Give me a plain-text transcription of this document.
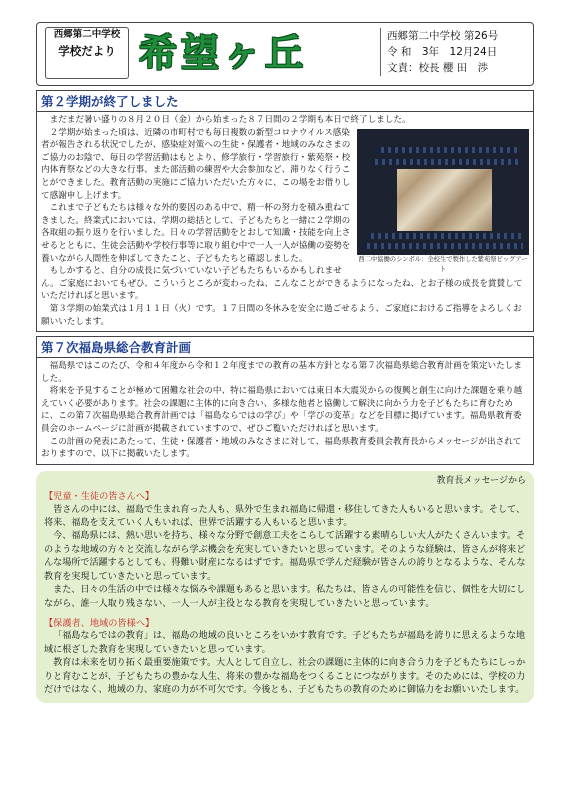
西郷第二中学校
学校だより 希望ヶ丘	西郷第二中学校 第26号
令 和　3年　12月24日
文責：校長 櫻 田　渉
第２学期が終了しました

まだまだ暑い盛りの８月２０日（金）から始まった８７日間の２学期も本日で終了しました。

西二中協働のシンボル：全校生で製作した紫苑祭ビッグアート

２学期が始まった頃は、近隣の市町村でも毎日複数の新型コロナウイルス感染者が報告される状況でしたが、感染症対策への生徒・保護者・地域のみなさまのご協力のお陰で、毎日の学習活動はもとより、修学旅行・学習旅行・紫苑祭・校内体育祭などの大きな行事、また部活動の練習や大会参加など、滞りなく行うことができました。教育活動の実施にご協力いただいた方々に、この場をお借りして感謝申し上げます。

これまで子どもたちは様々な外的要因のある中で、精一杯の努力を積み重ねてきました。終業式においては、学期の総括として、子どもたちと一緒に２学期の各取組の振り返りを行いました。日々の学習活動をとおして知識・技能を向上させるとともに、生徒会活動や学校行事等に取り組む中で一人一人が協働の姿勢を養いながら人間性を伸ばしてきたこと、子どもたちと確認しました。

もしかすると、自分の成長に気づいていない子どもたちもいるかもしれません。ご家庭においてもぜひ、こういうところが変わったね、こんなことができるようになったね、とお子様の成長を賞賛していただければと思います。

第３学期の始業式は１月１１日（火）です。１７日間の冬休みを安全に過ごせるよう、ご家庭におけるご指導をよろしくお願いいたします。

第７次福島県総合教育計画

福島県ではこのたび、令和４年度から令和１２年度までの教育の基本方針となる第７次福島県総合教育計画を策定いたしました。

将来を予見することが極めて困難な社会の中、特に福島県においては東日本大震災からの復興と創生に向けた課題を乗り越えていく必要があります。社会の課題に主体的に向き合い、多様な他者と協働して解決に向かう力を子どもたちに育むために、この第７次福島県総合教育計画では「福島ならではの学び」や「学びの変革」などを目標に掲げています。福島県教育委員会のホームページに計画が掲載されていますので、ぜひご覧いただければと思います。

この計画の発表にあたって、生徒・保護者・地域のみなさまに対して、福島県教育委員会教育長からメッセージが出されておりますので、以下に掲載いたします。

教育長メッセージから
【児童・生徒の皆さんへ】

皆さんの中には、福島で生まれ育った人も、県外で生まれ福島に帰還・移住してきた人もいると思います。そして、将来、福島を支えていく人もいれば、世界で活躍する人もいると思います。

今、福島県には、熱い思いを持ち、様々な分野で創意工夫をこらして活躍する素晴らしい大人がたくさんいます。そのような地域の方々と交流しながら学ぶ機会を充実していきたいと思っています。そのような経験は、皆さんが将来どんな場所で活躍するとしても、得難い財産になるはずです。福島県で学んだ経験が皆さんの誇りとなるような、そんな教育を実現していきたいと思っています。

また、日々の生活の中では様々な悩みや課題もあると思います。私たちは、皆さんの可能性を信じ、個性を大切にしながら、誰一人取り残さない、一人一人が主役となる教育を実現していきたいと思っています。

【保護者、地域の皆様へ】

「福島ならではの教育」は、福島の地域の良いところをいかす教育です。子どもたちが福島を誇りに思えるような地域に根ざした教育を実現していきたいと思っています。

教育は未来を切り拓く最重要施策です。大人として自立し、社会の課題に主体的に向き合う力を子どもたちにしっかりと育むことが、子どもたちの豊かな人生、将来の豊かな福島をつくることにつながります。そのためには、学校の力だけではなく、地域の力、家庭の力が不可欠です。今後とも、子どもたちの教育のために御協力をお願いいたします。
